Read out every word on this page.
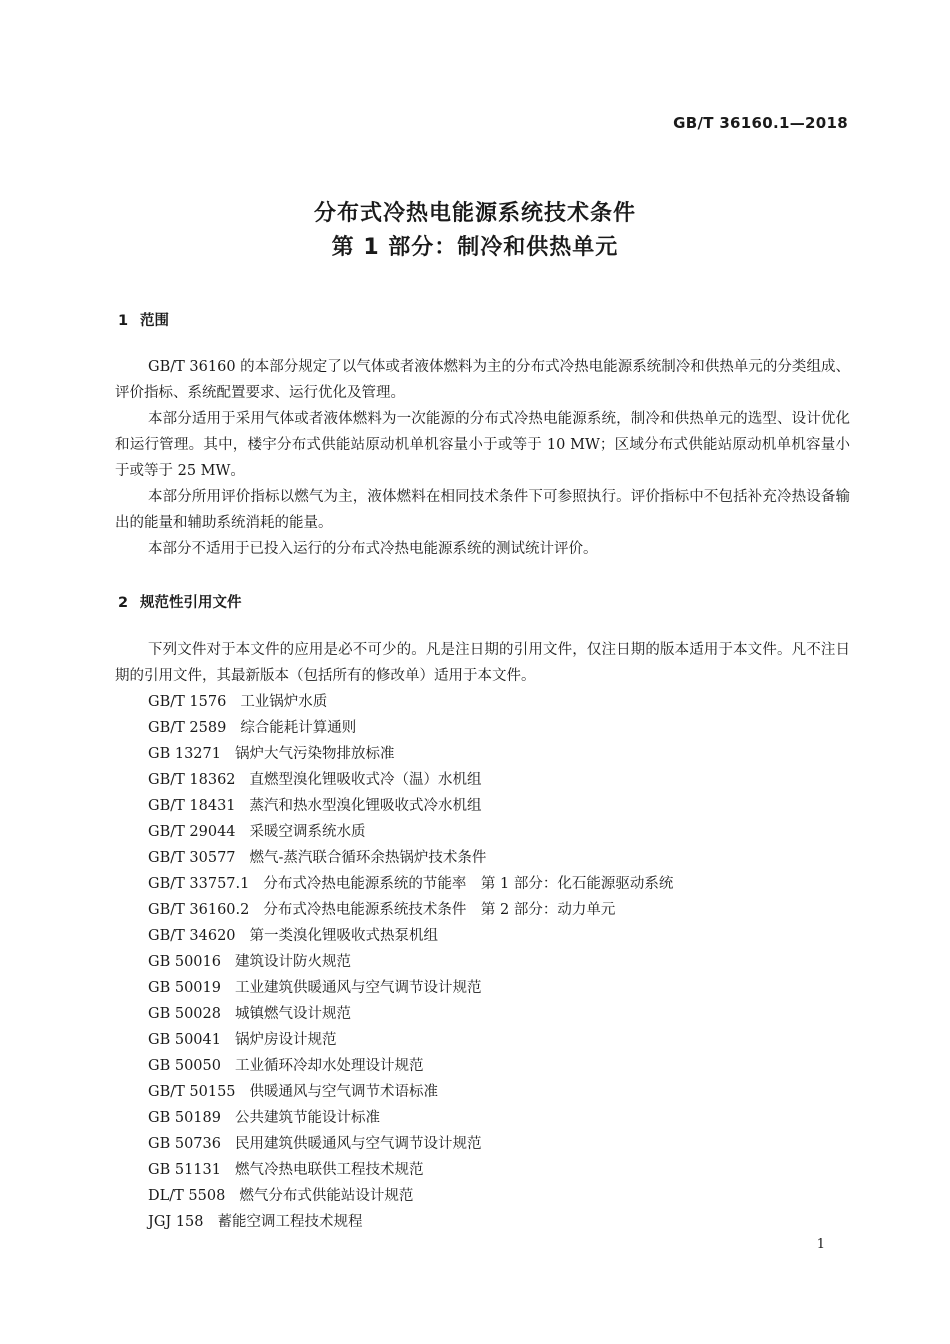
GB/T 36160.1—2018
分布式冷热电能源系统技术条件
第 1 部分：制冷和供热单元
1 范围

GB/T 36160 的本部分规定了以气体或者液体燃料为主的分布式冷热电能源系统制冷和供热单元的分类组成、评价指标、系统配置要求、运行优化及管理。

本部分适用于采用气体或者液体燃料为一次能源的分布式冷热电能源系统，制冷和供热单元的选型、设计优化和运行管理。其中，楼宇分布式供能站原动机单机容量小于或等于 10 MW；区域分布式供能站原动机单机容量小于或等于 25 MW。

本部分所用评价指标以燃气为主，液体燃料在相同技术条件下可参照执行。评价指标中不包括补充冷热设备输出的能量和辅助系统消耗的能量。

本部分不适用于已投入运行的分布式冷热电能源系统的测试统计评价。

2 规范性引用文件

下列文件对于本文件的应用是必不可少的。凡是注日期的引用文件，仅注日期的版本适用于本文件。凡不注日期的引用文件，其最新版本（包括所有的修改单）适用于本文件。

GB/T 1576 工业锅炉水质
GB/T 2589 综合能耗计算通则
GB 13271 锅炉大气污染物排放标准
GB/T 18362 直燃型溴化锂吸收式冷（温）水机组
GB/T 18431 蒸汽和热水型溴化锂吸收式冷水机组
GB/T 29044 采暖空调系统水质
GB/T 30577 燃气-蒸汽联合循环余热锅炉技术条件
GB/T 33757.1 分布式冷热电能源系统的节能率　第 1 部分：化石能源驱动系统
GB/T 36160.2 分布式冷热电能源系统技术条件　第 2 部分：动力单元
GB/T 34620 第一类溴化锂吸收式热泵机组
GB 50016 建筑设计防火规范
GB 50019 工业建筑供暖通风与空气调节设计规范
GB 50028 城镇燃气设计规范
GB 50041 锅炉房设计规范
GB 50050 工业循环冷却水处理设计规范
GB/T 50155 供暖通风与空气调节术语标准
GB 50189 公共建筑节能设计标准
GB 50736 民用建筑供暖通风与空气调节设计规范
GB 51131 燃气冷热电联供工程技术规范
DL/T 5508 燃气分布式供能站设计规范
JGJ 158 蓄能空调工程技术规程
1
